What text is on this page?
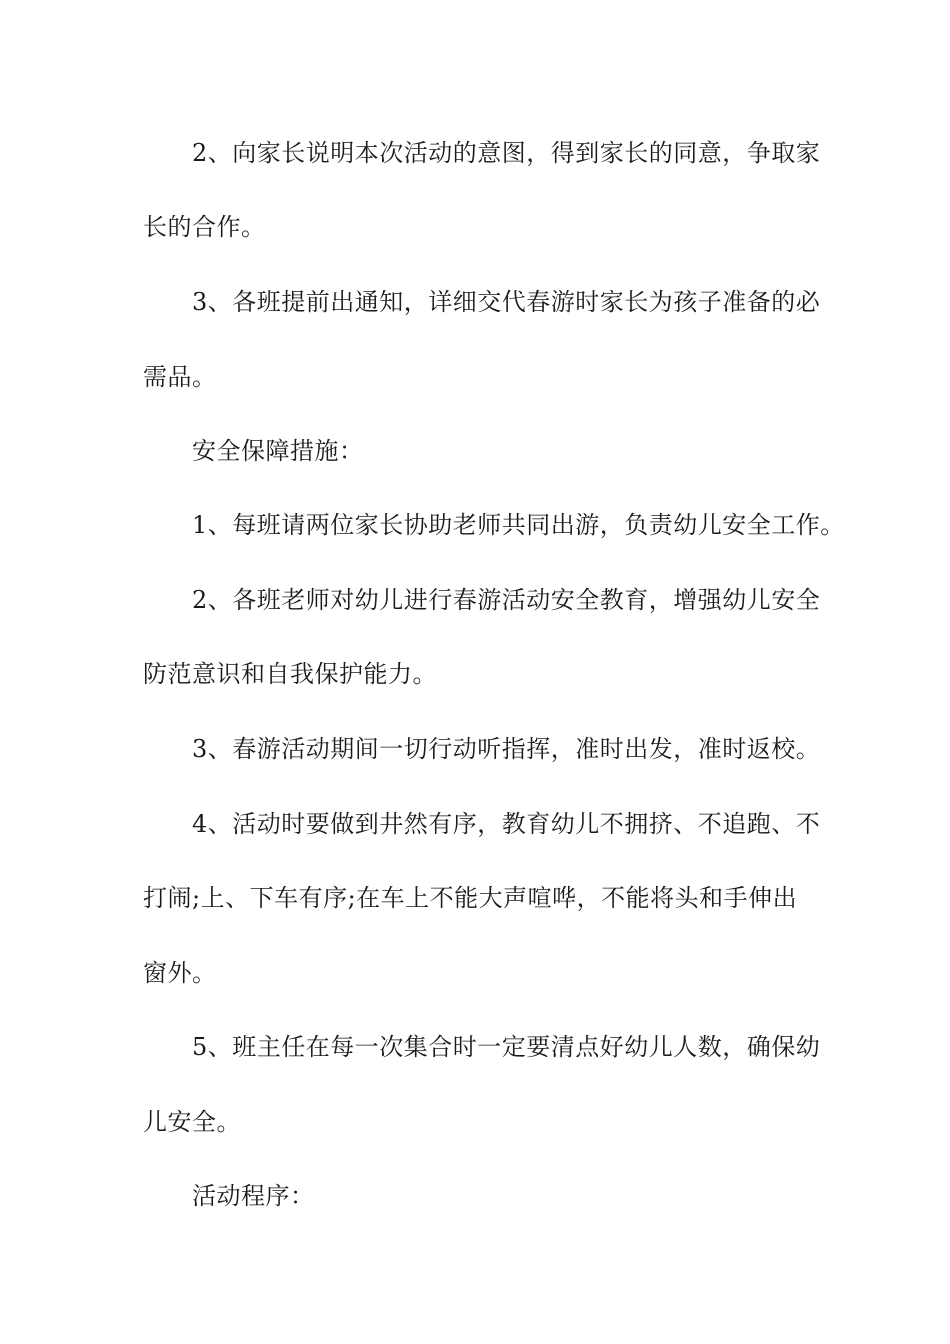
2、向家长说明本次活动的意图，得到家长的同意，争取家
长的合作。
3、各班提前出通知，详细交代春游时家长为孩子准备的必
需品。
安全保障措施：
1、每班请两位家长协助老师共同出游，负责幼儿安全工作。
2、各班老师对幼儿进行春游活动安全教育，增强幼儿安全
防范意识和自我保护能力。
3、春游活动期间一切行动听指挥，准时出发，准时返校。
4、活动时要做到井然有序，教育幼儿不拥挤、不追跑、不
打闹;上、下车有序;在车上不能大声喧哗，不能将头和手伸出
窗外。
5、班主任在每一次集合时一定要清点好幼儿人数，确保幼
儿安全。
活动程序：
